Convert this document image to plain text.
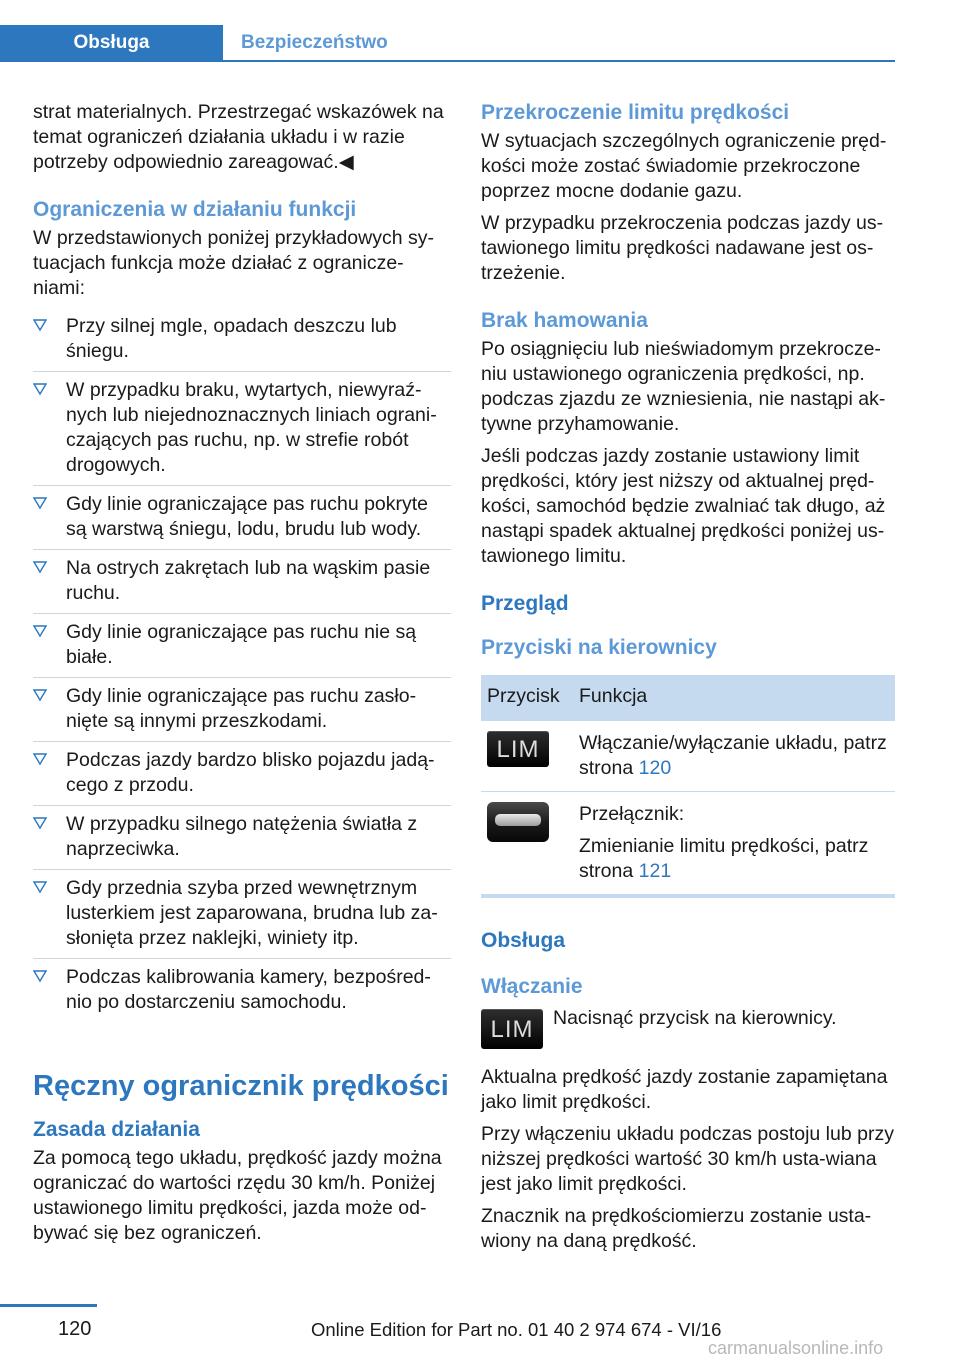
Obsługa	Bezpieczeństwo

strat materialnych. Przestrzegać wskazówek na temat ograniczeń działania układu i w razie potrzeby odpowiednio zareagować.◀

Ograniczenia w działaniu funkcji

W przedstawionych poniżej przykładowych sy‐tuacjach funkcja może działać z ogranicze‐niami:

Przy silnej mgle, opadach deszczu lub śniegu.
W przypadku braku, wytartych, niewyraź‐nych lub niejednoznacznych liniach ograni‐czających pas ruchu, np. w strefie robót drogowych.
Gdy linie ograniczające pas ruchu pokryte są warstwą śniegu, lodu, brudu lub wody.
Na ostrych zakrętach lub na wąskim pasie ruchu.
Gdy linie ograniczające pas ruchu nie są białe.
Gdy linie ograniczające pas ruchu zasło‐nięte są innymi przeszkodami.
Podczas jazdy bardzo blisko pojazdu jadą‐cego z przodu.
W przypadku silnego natężenia światła z naprzeciwka.
Gdy przednia szyba przed wewnętrznym lusterkiem jest zaparowana, brudna lub za‐słonięta przez naklejki, winiety itp.
Podczas kalibrowania kamery, bezpośred‐nio po dostarczeniu samochodu.
Ręczny ogranicznik prędkości
Zasada działania

Za pomocą tego układu, prędkość jazdy można ograniczać do wartości rzędu 30 km/h. Poniżej ustawionego limitu prędkości, jazda może od‐bywać się bez ograniczeń.

Przekroczenie limitu prędkości

W sytuacjach szczególnych ograniczenie pręd‐kości może zostać świadomie przekroczone poprzez mocne dodanie gazu.

W przypadku przekroczenia podczas jazdy us‐tawionego limitu prędkości nadawane jest os‐trzeżenie.

Brak hamowania

Po osiągnięciu lub nieświadomym przekrocze‐niu ustawionego ograniczenia prędkości, np. podczas zjazdu ze wzniesienia, nie nastąpi ak‐tywne przyhamowanie.

Jeśli podczas jazdy zostanie ustawiony limit prędkości, który jest niższy od aktualnej pręd‐kości, samochód będzie zwalniać tak długo, aż nastąpi spadek aktualnej prędkości poniżej us‐tawionego limitu.

Przegląd
Przyciski na kierownicy
Przycisk	Funkcja

LIM	Włączanie/wyłączanie układu, patrz strona 120

	Przełącznik:

Zmienianie limitu prędkości, patrz strona 121
Obsługa
Włączanie
LIM	Nacisnąć przycisk na kierownicy.

Aktualna prędkość jazdy zostanie zapamiętana jako limit prędkości.

Przy włączeniu układu podczas postoju lub przy niższej prędkości wartość 30 km/h usta‐wiana jest jako limit prędkości.

Znacznik na prędkościomierzu zostanie usta‐wiony na daną prędkość.

120	Online Edition for Part no. 01 40 2 974 674 - VI/16
carmanualsonline.info
